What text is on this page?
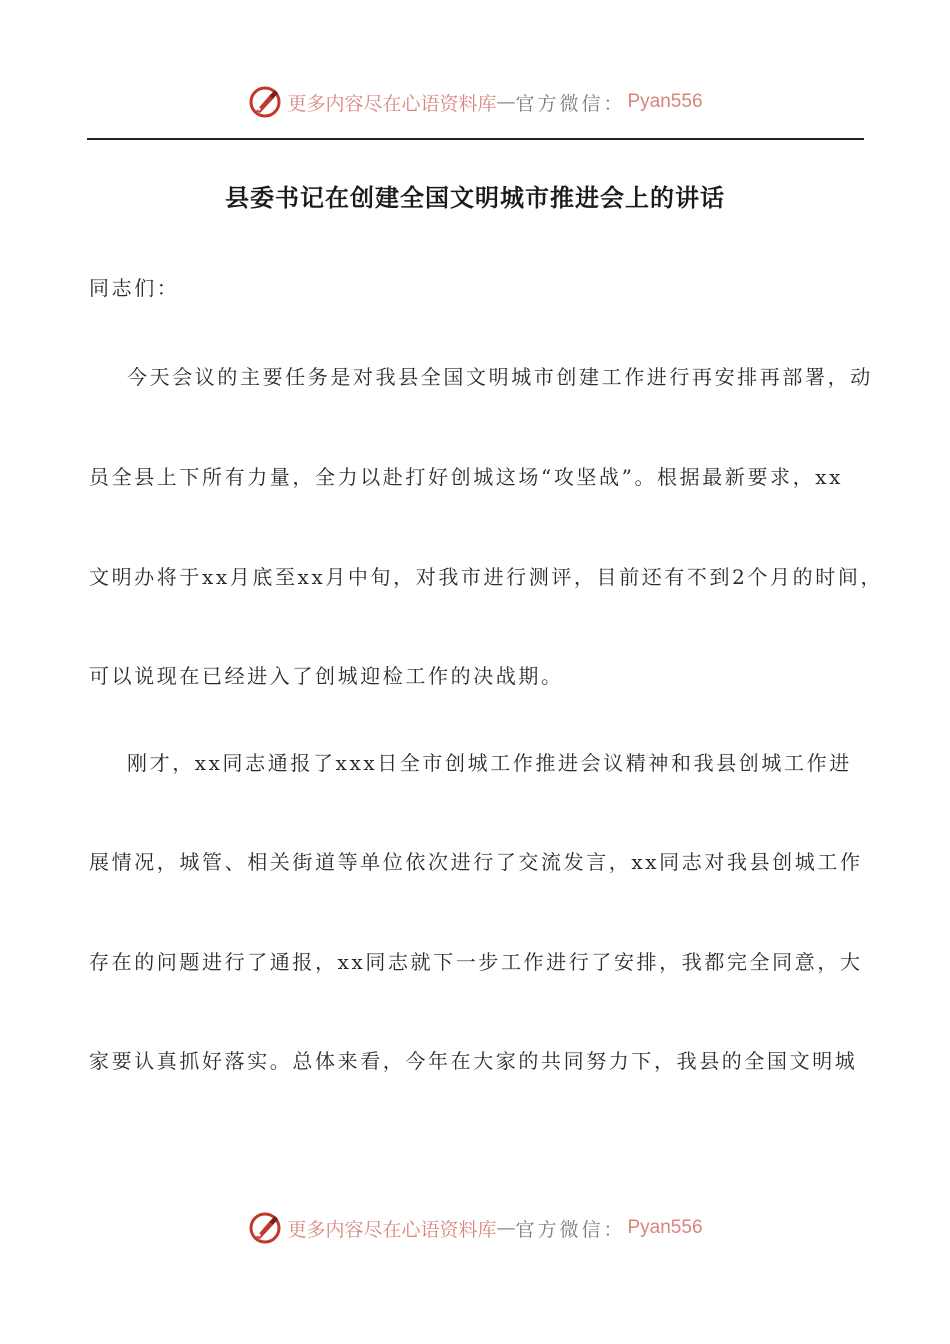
更多内容尽在心语资料库 — 官方微信： Pyan556
县委书记在创建全国文明城市推进会上的讲话
同志们：
今天会议的主要任务是对我县全国文明城市创建工作进行再安排再部署，动
员全县上下所有力量，全力以赴打好创城这场“攻坚战”。根据最新要求，xx
文明办将于xx月底至xx月中旬，对我市进行测评，目前还有不到2个月的时间，
可以说现在已经进入了创城迎检工作的决战期。
刚才，xx同志通报了xxx日全市创城工作推进会议精神和我县创城工作进
展情况，城管、相关街道等单位依次进行了交流发言，xx同志对我县创城工作
存在的问题进行了通报，xx同志就下一步工作进行了安排，我都完全同意，大
家要认真抓好落实。总体来看，今年在大家的共同努力下，我县的全国文明城
更多内容尽在心语资料库 — 官方微信： Pyan556
